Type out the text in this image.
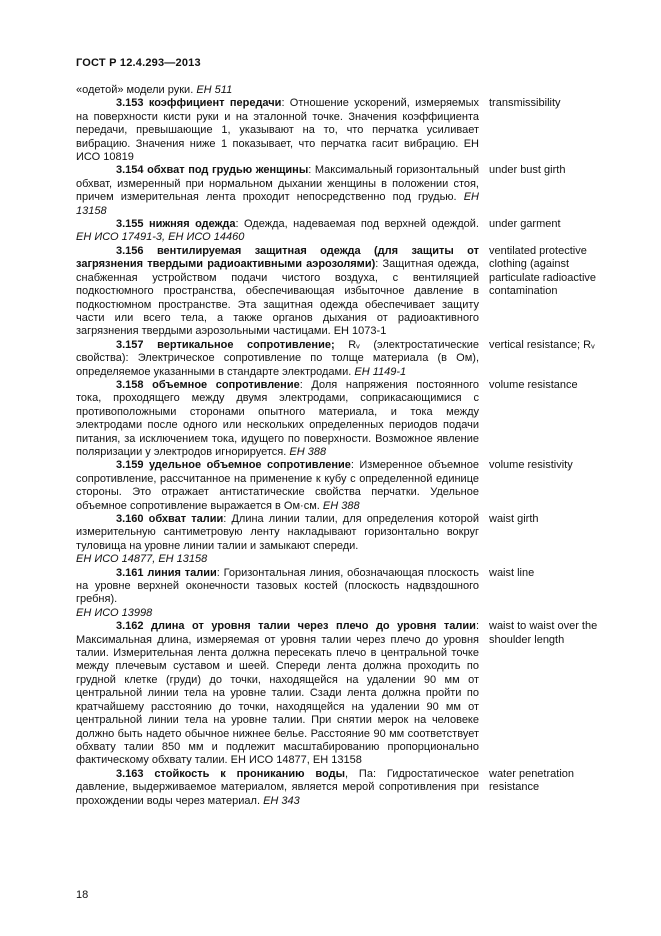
ГОСТ Р 12.4.293—2013

«одетой» модели руки. ЕН 511

3.153 коэффициент передачи: Отношение ускорений, измеряемых на поверхности кисти руки и на эталонной точке. Значения коэффициента передачи, превышающие 1, указывают на то, что перчатка усиливает вибрацию. Значения ниже 1 показывает, что перчатка гасит вибрацию. ЕН ИСО 10819

transmissibility

3.154 обхват под грудью женщины: Максимальный горизонтальный обхват, измеренный при нормальном дыхании женщины в положении стоя, причем измерительная лента проходит непосредственно под грудью. ЕН 13158

under bust girth

3.155 нижняя одежда: Одежда, надеваемая под верхней одеждой. ЕН ИСО 17491-3, ЕН ИСО 14460

under garment

3.156 вентилируемая защитная одежда (для защиты от загрязнения твердыми радиоактивными аэрозолями): Защитная одежда, снабженная устройством подачи чистого воздуха, с вентиляцией подкостюмного пространства, обеспечивающая избыточное давление в подкостюмном пространстве. Эта защитная одежда обеспечивает защиту части или всего тела, а также органов дыхания от радиоактивного загрязнения твердыми аэрозольными частицами. ЕН 1073-1

ventilated protective clothing (against particulate radioactive contamination

3.157 вертикальное сопротивление; Rᵥ (электростатические свойства): Электрическое сопротивление по толще материала (в Ом), определяемое указанными в стандарте электродами. ЕН 1149-1

vertical resistance; Rᵥ

3.158 объемное сопротивление: Доля напряжения постоянного тока, проходящего между двумя электродами, соприкасающимися с противоположными сторонами опытного материала, и тока между электродами после одного или нескольких определенных периодов подачи питания, за исключением тока, идущего по поверхности. Возможное явление поляризации у электродов игнорируется. ЕН 388

volume resistance

3.159 удельное объемное сопротивление: Измеренное объемное сопротивление, рассчитанное на применение к кубу с определенной единице стороны. Это отражает антистатические свойства перчатки. Удельное объемное сопротивление выражается в Ом·см. ЕН 388

volume resistivity

3.160 обхват талии: Длина линии талии, для определения которой измерительную сантиметровую ленту накладывают горизонтально вокруг туловища на уровне линии талии и замыкают спереди.

ЕН ИСО 14877, ЕН 13158

waist girth

3.161 линия талии: Горизонтальная линия, обозначающая плоскость на уровне верхней оконечности тазовых костей (плоскость надвздошного гребня).

ЕН ИСО 13998

waist line

3.162 длина от уровня талии через плечо до уровня талии: Максимальная длина, измеряемая от уровня талии через плечо до уровня талии. Измерительная лента должна пересекать плечо в центральной точке между плечевым суставом и шеей. Спереди лента должна проходить по грудной клетке (груди) до точки, находящейся на удалении 90 мм от центральной линии тела на уровне талии. Сзади лента должна пройти по кратчайшему расстоянию до точки, находящейся на удалении 90 мм от центральной линии тела на уровне талии. При снятии мерок на человеке должно быть надето обычное нижнее белье. Расстояние 90 мм соответствует обхвату талии 850 мм и подлежит масштабированию пропорционально фактическому обхвату талии. ЕН ИСО 14877, ЕН 13158

waist to waist over the shoulder length

3.163 стойкость к прониканию воды, Па: Гидростатическое давление, выдерживаемое материалом, является мерой сопротивления при прохождении воды через материал. ЕН 343

water penetration resistance
18
